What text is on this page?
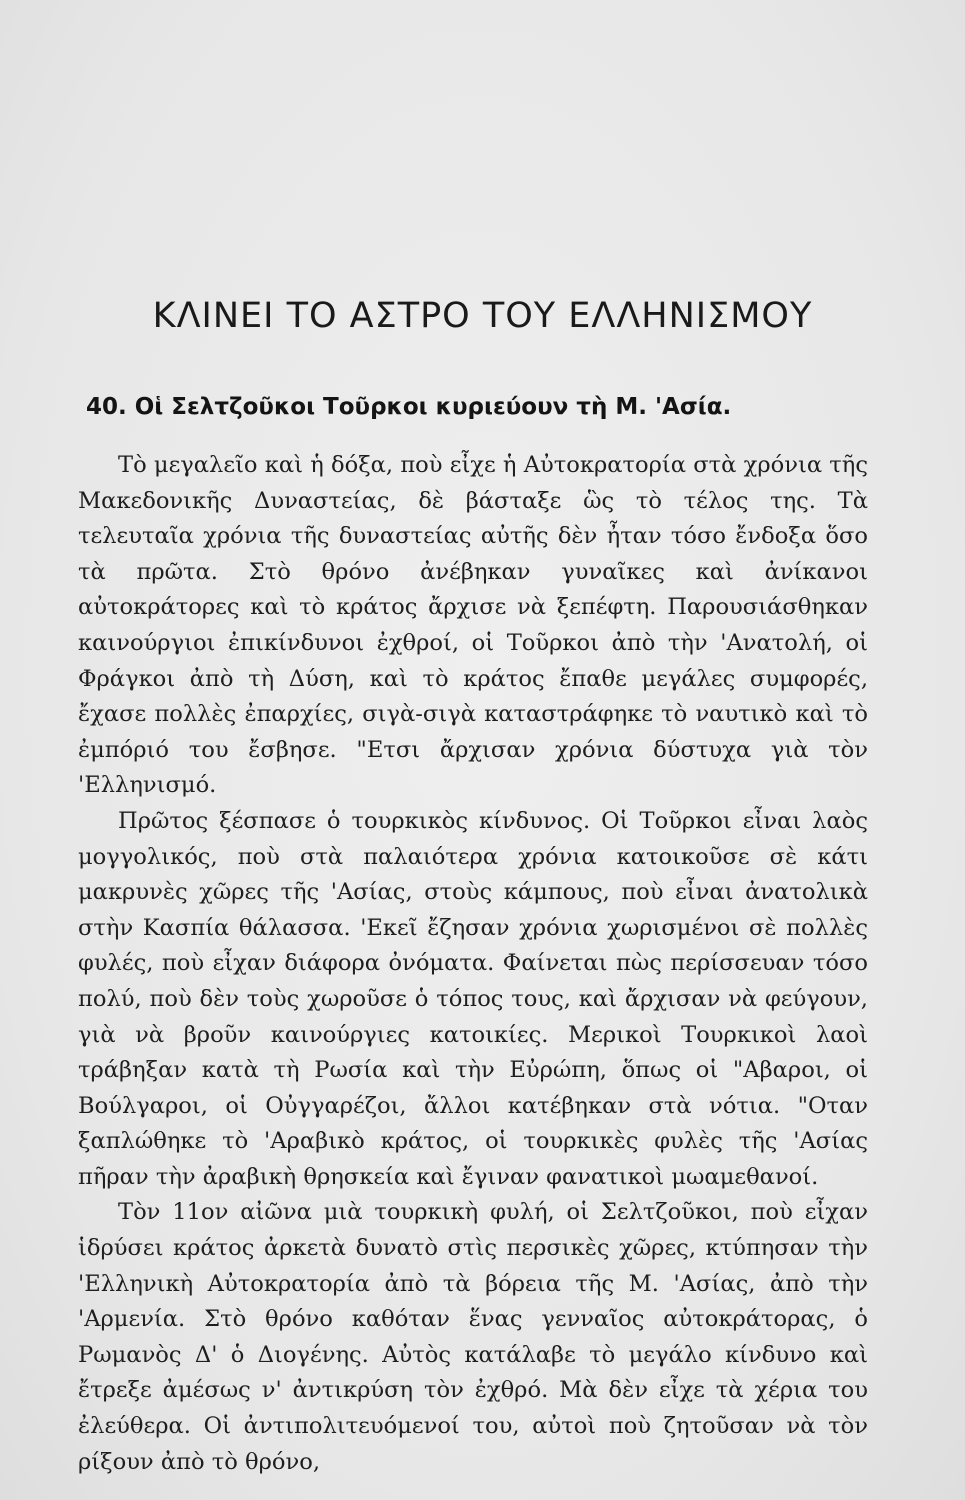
ΚΛΙΝΕΙ ΤΟ ΑΣΤΡΟ ΤΟΥ ΕΛΛΗΝΙΣΜΟΥ
40. Οἱ Σελτζοῦκοι Τοῦρκοι κυριεύουν τὴ Μ. 'Ασία.

Τὸ μεγαλεῖο καὶ ἡ δόξα, ποὺ εἶχε ἡ Αὐτοκρατορία στὰ χρόνια τῆς Μακεδονικῆς Δυναστείας, δὲ βάσταξε ὣς τὸ τέλος της. Τὰ τελευταῖα χρόνια τῆς δυναστείας αὐτῆς δὲν ἦταν τόσο ἔνδοξα ὅσο τὰ πρῶτα. Στὸ θρόνο ἀνέβηκαν γυναῖκες καὶ ἀνίκανοι αὐτοκράτορες καὶ τὸ κράτος ἄρχισε νὰ ξεπέφτη. Παρουσιάσθηκαν καινούργιοι ἐπικίνδυνοι ἐχθροί, οἱ Τοῦρκοι ἀπὸ τὴν 'Ανατολή, οἱ Φράγκοι ἀπὸ τὴ Δύση, καὶ τὸ κράτος ἔπαθε μεγάλες συμφορές, ἔχασε πολλὲς ἐπαρχίες, σιγὰ-σιγὰ καταστράφηκε τὸ ναυτικὸ καὶ τὸ ἐμπόριό του ἔσβησε. "Ετσι ἄρχισαν χρόνια δύστυχα γιὰ τὸν 'Ελληνισμό.

Πρῶτος ξέσπασε ὁ τουρκικὸς κίνδυνος. Οἱ Τοῦρκοι εἶναι λαὸς μογγολικός, ποὺ στὰ παλαιότερα χρόνια κατοικοῦσε σὲ κάτι μακρυνὲς χῶρες τῆς 'Ασίας, στοὺς κάμπους, ποὺ εἶναι ἀνατολικὰ στὴν Κασπία θάλασσα. 'Εκεῖ ἔζησαν χρόνια χωρισμένοι σὲ πολλὲς φυλές, ποὺ εἶχαν διάφορα ὀνόματα. Φαίνεται πὼς περίσσευαν τόσο πολύ, ποὺ δὲν τοὺς χωροῦσε ὁ τόπος τους, καὶ ἄρχισαν νὰ φεύγουν, γιὰ νὰ βροῦν καινούργιες κατοικίες. Μερικοὶ Τουρκικοὶ λαοὶ τράβηξαν κατὰ τὴ Ρωσία καὶ τὴν Εὐρώπη, ὅπως οἱ "Αβαροι, οἱ Βούλγαροι, οἱ Οὐγγαρέζοι, ἄλλοι κατέβηκαν στὰ νότια. "Οταν ξαπλώθηκε τὸ 'Αραβικὸ κράτος, οἱ τουρκικὲς φυλὲς τῆς 'Ασίας πῆραν τὴν ἀραβικὴ θρησκεία καὶ ἔγιναν φανατικοὶ μωαμεθανοί.

Τὸν 11ον αἰῶνα μιὰ τουρκικὴ φυλή, οἱ Σελτζοῦκοι, ποὺ εἶχαν ἱδρύσει κράτος ἀρκετὰ δυνατὸ στὶς περσικὲς χῶρες, κτύπησαν τὴν 'Ελληνικὴ Αὐτοκρατορία ἀπὸ τὰ βόρεια τῆς Μ. 'Ασίας, ἀπὸ τὴν 'Αρμενία. Στὸ θρόνο καθόταν ἕνας γενναῖος αὐτοκράτορας, ὁ Ρωμανὸς Δ' ὁ Διογένης. Αὐτὸς κατάλαβε τὸ μεγάλο κίνδυνο καὶ ἔτρεξε ἀμέσως ν' ἀντικρύση τὸν ἐχθρό. Μὰ δὲν εἶχε τὰ χέρια του ἐλεύθερα. Οἱ ἀντιπολιτευόμενοί του, αὐτοὶ ποὺ ζητοῦσαν νὰ τὸν ρίξουν ἀπὸ τὸ θρόνο,
